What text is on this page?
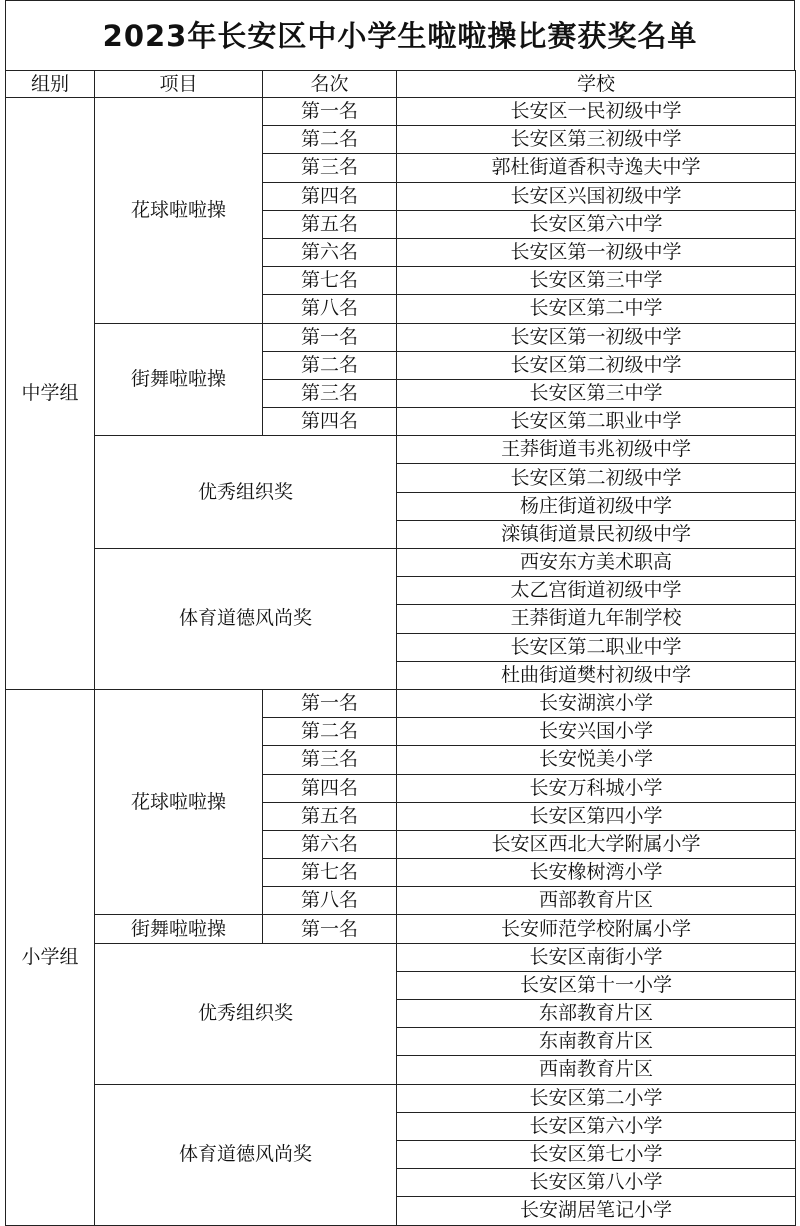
2023年长安区中小学生啦啦操比赛获奖名单
组别	项目	名次	学校
中学组	花球啦啦操	第一名	长安区一民初级中学
		第二名	长安区第三初级中学
		第三名	郭杜街道香积寺逸夫中学
		第四名	长安区兴国初级中学
		第五名	长安区第六中学
		第六名	长安区第一初级中学
		第七名	长安区第三中学
		第八名	长安区第二中学
	街舞啦啦操	第一名	长安区第一初级中学
		第二名	长安区第二初级中学
		第三名	长安区第三中学
		第四名	长安区第二职业中学
	优秀组织奖		王莽街道韦兆初级中学
			长安区第二初级中学
			杨庄街道初级中学
			滦镇街道景民初级中学
	体育道德风尚奖		西安东方美术职高
			太乙宫街道初级中学
			王莽街道九年制学校
			长安区第二职业中学
			杜曲街道樊村初级中学
小学组	花球啦啦操	第一名	长安湖滨小学
		第二名	长安兴国小学
		第三名	长安悦美小学
		第四名	长安万科城小学
		第五名	长安区第四小学
		第六名	长安区西北大学附属小学
		第七名	长安橡树湾小学
		第八名	西部教育片区
	街舞啦啦操	第一名	长安师范学校附属小学
	优秀组织奖		长安区南街小学
			长安区第十一小学
			东部教育片区
			东南教育片区
			西南教育片区
	体育道德风尚奖		长安区第二小学
			长安区第六小学
			长安区第七小学
			长安区第八小学
			长安湖居笔记小学
